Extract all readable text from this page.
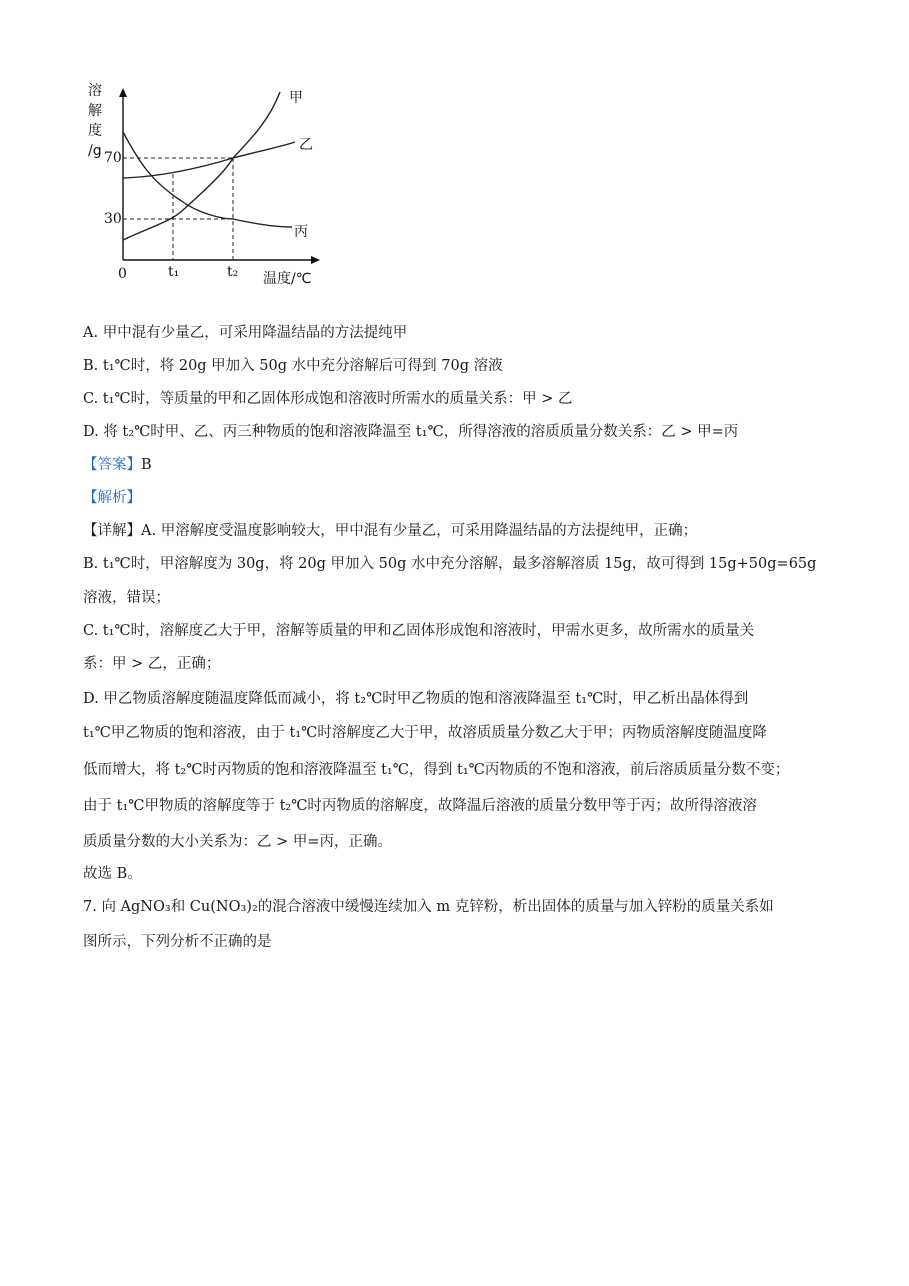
溶
解
度
/g 70
30
0	t₁	t₂ 温度/℃
甲
乙
丙
A. 甲中混有少量乙，可采用降温结晶的方法提纯甲
B. t₁℃时，将 20g 甲加入 50g 水中充分溶解后可得到 70g 溶液
C. t₁℃时，等质量的甲和乙固体形成饱和溶液时所需水的质量关系：甲 > 乙
D. 将 t₂℃时甲、乙、丙三种物质的饱和溶液降温至 t₁℃，所得溶液的溶质质量分数关系：乙 > 甲=丙
【答案】B
【解析】
【详解】A. 甲溶解度受温度影响较大，甲中混有少量乙，可采用降温结晶的方法提纯甲，正确；
B. t₁℃时，甲溶解度为 30g，将 20g 甲加入 50g 水中充分溶解，最多溶解溶质 15g，故可得到 15g+50g=65g
溶液，错误；
C. t₁℃时，溶解度乙大于甲，溶解等质量的甲和乙固体形成饱和溶液时，甲需水更多，故所需水的质量关
系：甲 > 乙，正确；
D. 甲乙物质溶解度随温度降低而减小，将 t₂℃时甲乙物质的饱和溶液降温至 t₁℃时，甲乙析出晶体得到
t₁℃甲乙物质的饱和溶液，由于 t₁℃时溶解度乙大于甲，故溶质质量分数乙大于甲；丙物质溶解度随温度降
低而增大，将 t₂℃时丙物质的饱和溶液降温至 t₁℃，得到 t₁℃丙物质的不饱和溶液，前后溶质质量分数不变；
由于 t₁℃甲物质的溶解度等于 t₂℃时丙物质的溶解度，故降温后溶液的质量分数甲等于丙；故所得溶液溶
质质量分数的大小关系为：乙 > 甲=丙，正确。
故选 B。
7. 向 AgNO₃和 Cu(NO₃)₂的混合溶液中缓慢连续加入 m 克锌粉，析出固体的质量与加入锌粉的质量关系如
图所示，下列分析不正确的是
